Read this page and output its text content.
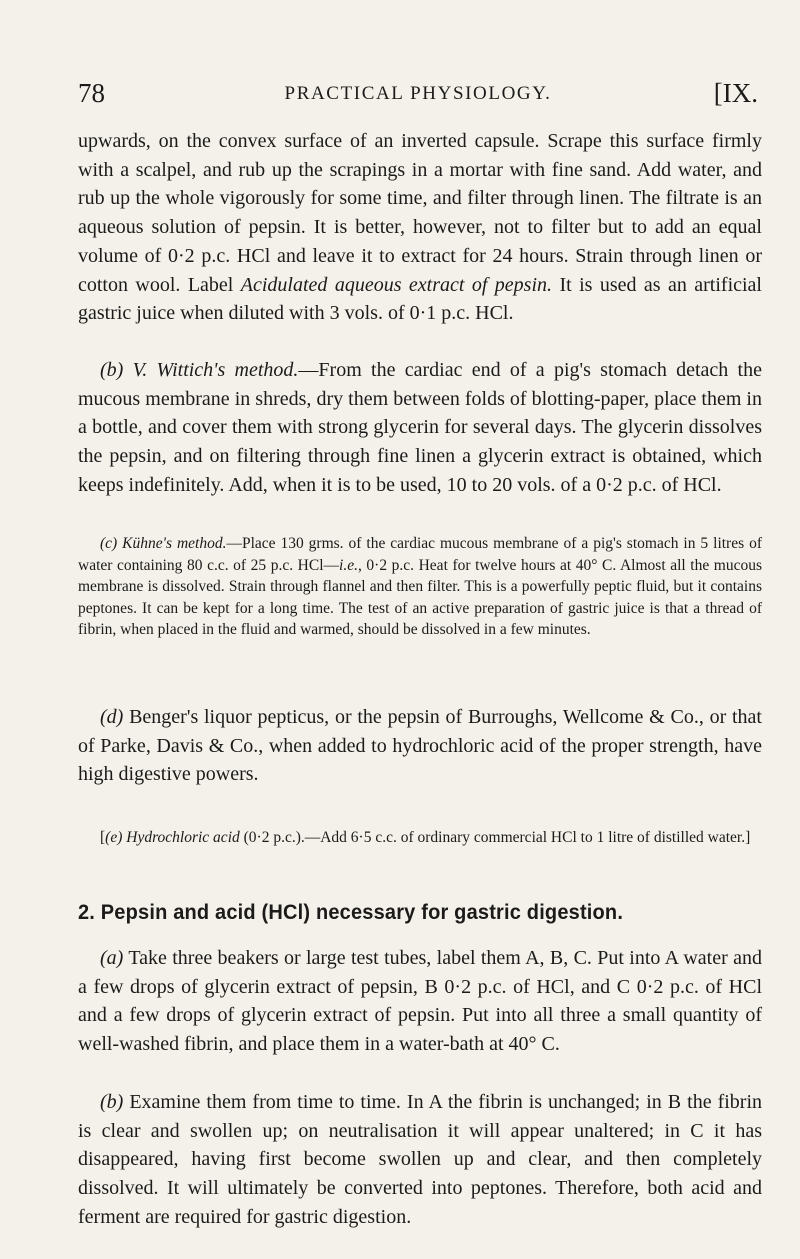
78	PRACTICAL PHYSIOLOGY.	[IX.

upwards, on the convex surface of an inverted capsule. Scrape this surface firmly with a scalpel, and rub up the scrapings in a mortar with fine sand. Add water, and rub up the whole vigorously for some time, and filter through linen. The filtrate is an aqueous solution of pepsin. It is better, however, not to filter but to add an equal volume of 0·2 p.c. HCl and leave it to extract for 24 hours. Strain through linen or cotton wool. Label Acidulated aqueous extract of pepsin. It is used as an artificial gastric juice when diluted with 3 vols. of 0·1 p.c. HCl.

(b) V. Wittich's method.—From the cardiac end of a pig's stomach detach the mucous membrane in shreds, dry them between folds of blotting-paper, place them in a bottle, and cover them with strong glycerin for several days. The glycerin dissolves the pepsin, and on filtering through fine linen a glycerin extract is obtained, which keeps indefinitely. Add, when it is to be used, 10 to 20 vols. of a 0·2 p.c. of HCl.

(c) Kühne's method.—Place 130 grms. of the cardiac mucous membrane of a pig's stomach in 5 litres of water containing 80 c.c. of 25 p.c. HCl—i.e., 0·2 p.c. Heat for twelve hours at 40° C. Almost all the mucous membrane is dissolved. Strain through flannel and then filter. This is a powerfully peptic fluid, but it contains peptones. It can be kept for a long time. The test of an active preparation of gastric juice is that a thread of fibrin, when placed in the fluid and warmed, should be dissolved in a few minutes.

(d) Benger's liquor pepticus, or the pepsin of Burroughs, Wellcome & Co., or that of Parke, Davis & Co., when added to hydrochloric acid of the proper strength, have high digestive powers.

[(e) Hydrochloric acid (0·2 p.c.).—Add 6·5 c.c. of ordinary commercial HCl to 1 litre of distilled water.]

2. Pepsin and acid (HCl) necessary for gastric digestion.

(a) Take three beakers or large test tubes, label them A, B, C. Put into A water and a few drops of glycerin extract of pepsin, B 0·2 p.c. of HCl, and C 0·2 p.c. of HCl and a few drops of glycerin extract of pepsin. Put into all three a small quantity of well-washed fibrin, and place them in a water-bath at 40° C.

(b) Examine them from time to time. In A the fibrin is unchanged; in B the fibrin is clear and swollen up; on neutralisation it will appear unaltered; in C it has disappeared, having first become swollen up and clear, and then completely dissolved. It will ultimately be converted into peptones. Therefore, both acid and ferment are required for gastric digestion.
